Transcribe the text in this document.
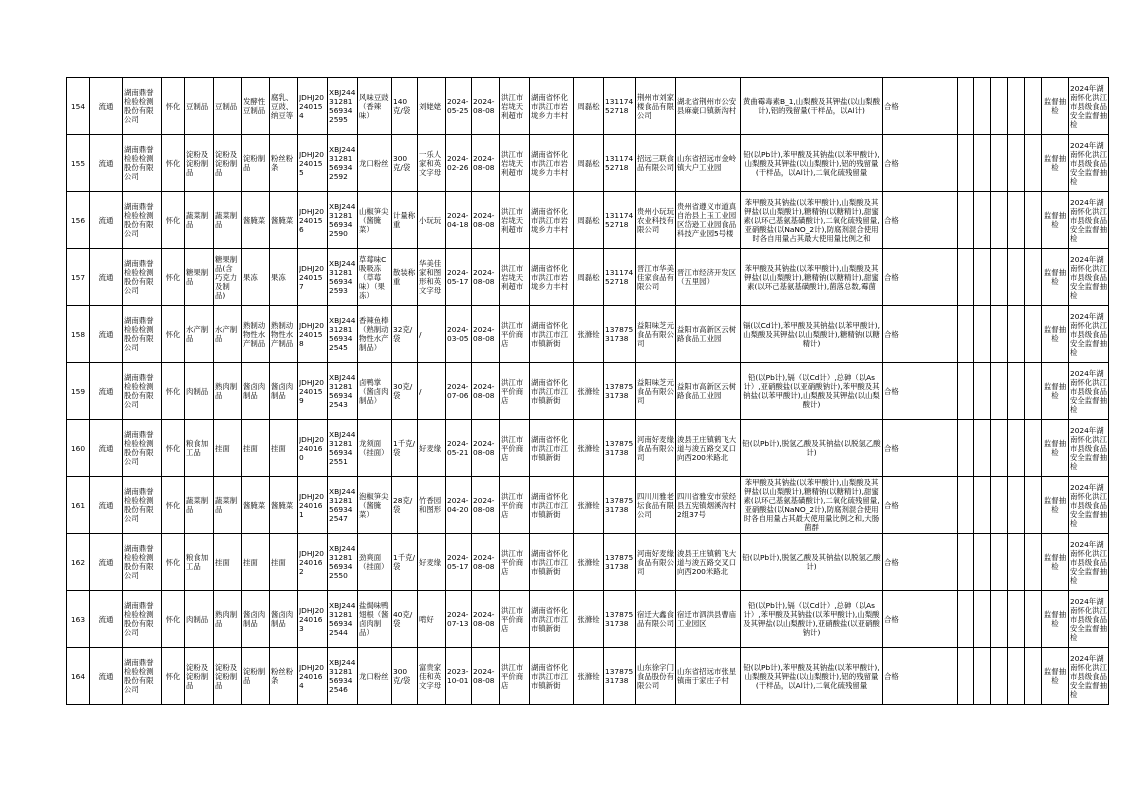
154	流通	湖南鼎誉检验检测股份有限公司	怀化	豆制品	豆制品	发酵性豆制品	腐乳、豆豉、纳豆等	JDHJ20240154	XBJ24431281569342595	风味豆豉（香辣味）	140克/袋	刘姥姥	2024-05-25	2024-08-08	洪江市岩垅天利超市	湖南省怀化市洪江市岩垅乡力丰村	周磊松	13117452718	荆州市刘家楼食品有限公司	湖北省荆州市公安县麻豪口镇新沟村	黄曲霉毒素B_1,山梨酸及其钾盐(以山梨酸计),铝的残留量(干样品，以Al计)	合格						监督抽检	2024年湖南怀化洪江市县级食品安全监督抽检

155	流通	湖南鼎誉检验检测股份有限公司	怀化	淀粉及淀粉制品	淀粉及淀粉制品	淀粉制品	粉丝粉条	JDHJ20240155	XBJ24431281569342592	龙口粉丝	300克/袋	一乐人家和英文字母	2024-02-26	2024-08-08	洪江市岩垅天利超市	湖南省怀化市洪江市岩垅乡力丰村	周磊松	13117452718	招远三联食品有限公司	山东省招远市金岭镇大户工业园	铅(以Pb计),苯甲酸及其钠盐(以苯甲酸计),山梨酸及其钾盐(以山梨酸计),铝的残留量(干样品，以Al计),二氧化硫残留量	合格						监督抽检	2024年湖南怀化洪江市县级食品安全监督抽检

156	流通	湖南鼎誉检验检测股份有限公司	怀化	蔬菜制品	蔬菜制品	酱腌菜	酱腌菜	JDHJ20240156	XBJ24431281569342590	山椒笋尖（酱腌菜）	计量称重	小玩玩	2024-04-18	2024-08-08	洪江市岩垅天利超市	湖南省怀化市洪江市岩垅乡力丰村	周磊松	13117452718	贵州小玩玩农业科技有限公司	贵州省遵义市道真自治县上玉工业园区岱逊工业园食品科技产业园5号楼	苯甲酸及其钠盐(以苯甲酸计),山梨酸及其钾盐(以山梨酸计),糖精钠(以糖精计),甜蜜素(以环己基氨基磺酸计),二氧化硫残留量,亚硝酸盐(以NaNO_2计),防腐剂混合使用时各自用量占其最大使用量比例之和	合格						监督抽检	2024年湖南怀化洪江市县级食品安全监督抽检

157	流通	湖南鼎誉检验检测股份有限公司	怀化	糖果制品	糖果制品(含巧克力及制品)	果冻	果冻	JDHJ20240157	XBJ24431281569342593	草莓味C吸吸冻（草莓味）（果冻）	散装称重	华美佳家和图形和英文字母	2024-05-17	2024-08-08	洪江市岩垅天利超市	湖南省怀化市洪江市岩垅乡力丰村	周磊松	13117452718	晋江市华美佳家食品有限公司	晋江市经济开发区（五里园）	苯甲酸及其钠盐(以苯甲酸计),山梨酸及其钾盐(以山梨酸计),糖精钠(以糖精计),甜蜜素(以环己基氨基磺酸计),菌落总数,霉菌	合格						监督抽检	2024年湖南怀化洪江市县级食品安全监督抽检

158	流通	湖南鼎誉检验检测股份有限公司	怀化	水产制品	水产制品	熟制动物性水产制品	熟制动物性水产制品	JDHJ20240158	XBJ24431281569342545	香辣鱼棒（熟制动物性水产制品）	32克/袋	/	2024-03-05	2024-08-08	洪江市平价商店	湖南省怀化市洪江市江市镇新街	张滌铨	13787531738	益阳味芝元食品有限公司	益阳市高新区云树路食品工业园	镉(以Cd计),苯甲酸及其钠盐(以苯甲酸计),山梨酸及其钾盐(以山梨酸计),糖精钠(以糖精计)	合格						监督抽检	2024年湖南怀化洪江市县级食品安全监督抽检

159	流通	湖南鼎誉检验检测股份有限公司	怀化	肉制品	熟肉制品	酱卤肉制品	酱卤肉制品	JDHJ20240159	XBJ24431281569342543	卤鸭掌（酱卤肉制品）	30克/袋	/	2024-07-06	2024-08-08	洪江市平价商店	湖南省怀化市洪江市江市镇新街	张滌铨	13787531738	益阳味芝元食品有限公司	益阳市高新区云树路食品工业园	铅(以Pb计),镉（以Cd计）,总砷（以As计）,亚硝酸盐(以亚硝酸钠计),苯甲酸及其钠盐(以苯甲酸计),山梨酸及其钾盐(以山梨酸计)	合格						监督抽检	2024年湖南怀化洪江市县级食品安全监督抽检

160	流通	湖南鼎誉检验检测股份有限公司	怀化	粮食加工品	挂面	挂面	挂面	JDHJ20240160	XBJ24431281569342551	龙须面（挂面）	1千克/袋	好麦缘	2024-05-21	2024-08-08	洪江市平价商店	湖南省怀化市洪江市江市镇新街	张滌铨	13787531738	河南好麦缘食品有限公司	浚县王庄镇鹤飞大道与浚五路交叉口向西200米路北	铅(以Pb计),脱氢乙酸及其钠盐(以脱氢乙酸计)	合格						监督抽检	2024年湖南怀化洪江市县级食品安全监督抽检

161	流通	湖南鼎誉检验检测股份有限公司	怀化	蔬菜制品	蔬菜制品	酱腌菜	酱腌菜	JDHJ20240161	XBJ24431281569342547	泡椒笋尖（酱腌菜）	28克/袋	竹香园和图形	2024-04-20	2024-08-08	洪江市平价商店	湖南省怀化市洪江市江市镇新街	张滌铨	13787531738	四川川雅老坛食品有限公司	四川省雅安市荥经县五宪镇烟溪沟村2组37号	苯甲酸及其钠盐(以苯甲酸计),山梨酸及其钾盐(以山梨酸计),糖精钠(以糖精计),甜蜜素(以环己基氨基磺酸计),二氧化硫残留量,亚硝酸盐(以NaNO_2计),防腐剂混合使用时各自用量占其最大使用量比例之和,大肠菌群	合格						监督抽检	2024年湖南怀化洪江市县级食品安全监督抽检

162	流通	湖南鼎誉检验检测股份有限公司	怀化	粮食加工品	挂面	挂面	挂面	JDHJ20240162	XBJ24431281569342550	劲爽面（挂面）	1千克/袋	好麦缘	2024-05-17	2024-08-08	洪江市平价商店	湖南省怀化市洪江市江市镇新街	张滌铨	13787531738	河南好麦缘食品有限公司	浚县王庄镇鹤飞大道与浚五路交叉口向西200米路北	铅(以Pb计),脱氢乙酸及其钠盐(以脱氢乙酸计)	合格						监督抽检	2024年湖南怀化洪江市县级食品安全监督抽检

163	流通	湖南鼎誉检验检测股份有限公司	怀化	肉制品	熟肉制品	酱卤肉制品	酱卤肉制品	JDHJ20240163	XBJ24431281569342544	盐焗味鸭翅根（酱卤肉制品）	40克/袋	啃好	2024-07-13	2024-08-08	洪江市平价商店	湖南省怀化市洪江市江市镇新街	张滌铨	13787531738	宿迁大鑫食品有限公司	宿迁市泗洪县曹庙工业园区	铅(以Pb计),镉（以Cd计）,总砷（以As计）,苯甲酸及其钠盐(以苯甲酸计),山梨酸及其钾盐(以山梨酸计),亚硝酸盐(以亚硝酸钠计)	合格						监督抽检	2024年湖南怀化洪江市县级食品安全监督抽检

164	流通	湖南鼎誉检验检测股份有限公司	怀化	淀粉及淀粉制品	淀粉及淀粉制品	淀粉制品	粉丝粉条	JDHJ20240164	XBJ24431281569342546	龙口粉丝	300克/袋	富贵家佳和英文字母	2023-10-01	2024-08-08	洪江市平价商店	湖南省怀化市洪江市江市镇新街	张滌铨	13787531738	山东徐字门食品股份有限公司	山东省招远市张星镇南于家庄子村	铅(以Pb计),苯甲酸及其钠盐(以苯甲酸计),山梨酸及其钾盐(以山梨酸计),铝的残留量(干样品，以Al计),二氧化硫残留量	合格						监督抽检	2024年湖南怀化洪江市县级食品安全监督抽检
